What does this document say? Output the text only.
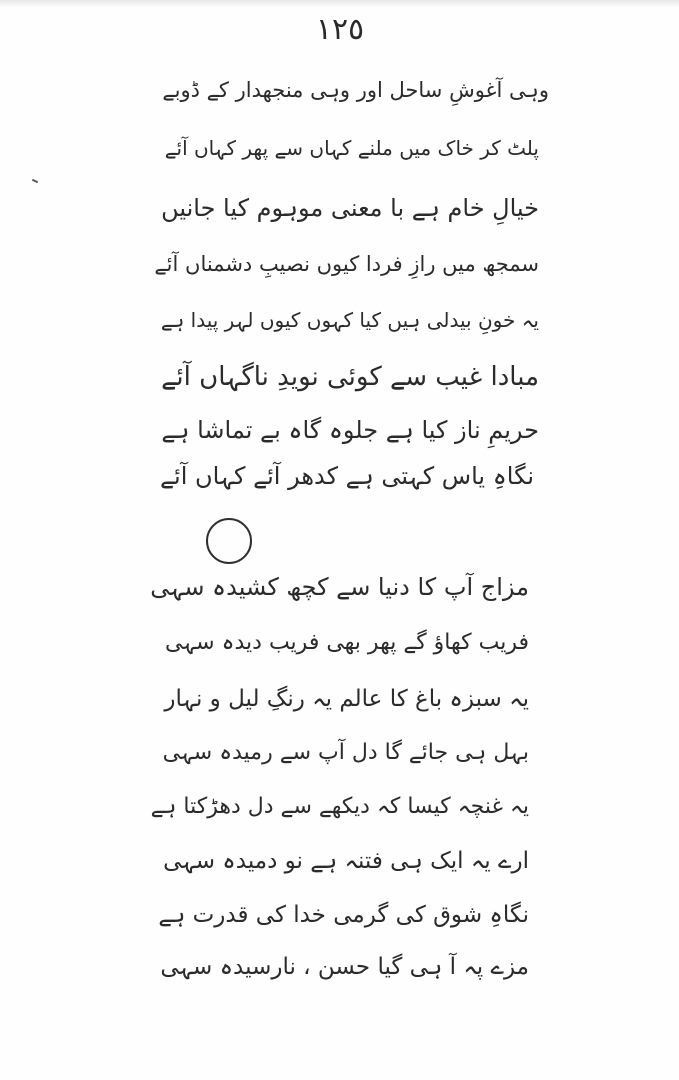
١٢٥
وہی آغوشِ ساحل اور وہی منجھدار کے ڈوبے
پلٹ کر خاک میں ملنے کہاں سے پھر کہاں آئے
خیالِ خام ہے با معنی موہوم کیا جانیں
سمجھ میں رازِ فردا کیوں نصیبِ دشمناں آئے
یہ خونِ بیدلی ہیں کیا کہوں کیوں لہر پیدا ہے
مبادا غیب سے کوئی نویدِ ناگہاں آئے
حریمِ ناز کیا ہے جلوہ گاہ بے تماشا ہے
نگاہِ یاس کہتی ہے کدھر آئے کہاں آئے
مزاج آپ کا دنیا سے کچھ کشیدہ سہی
فریب کھاؤ گے پھر بھی فریب دیدہ سہی
یہ سبزہ باغ کا عالم یہ رنگِ لیل و نہار
بہل ہی جائے گا دل آپ سے رمیدہ سہی
یہ غنچہ کیسا کہ دیکھے سے دل دھڑکتا ہے
ارے یہ ایک ہی فتنہ ہے نو دمیدہ سہی
نگاہِ شوق کی گرمی خدا کی قدرت ہے
مزے پہ آ ہی گیا حسن ، نارسیدہ سہی
